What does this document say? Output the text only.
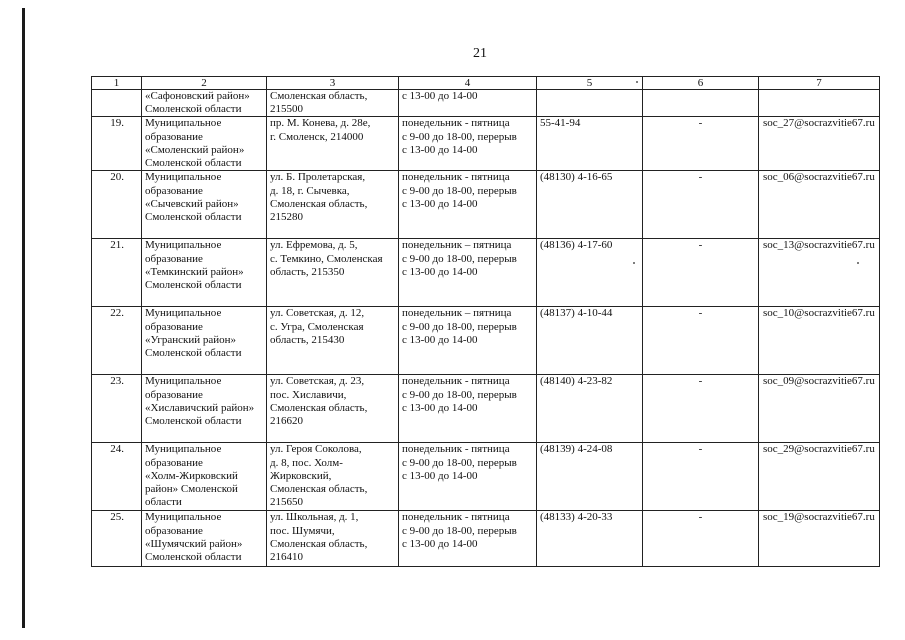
21
1	2	3	4	5	6	7

	«Сафоновский район»
Смоленской области	Смоленская область,
215500	с 13-00 до 14-00			

19.	Муниципальное
образование
«Смоленский район»
Смоленской области	пр. М. Конева, д. 28е,
г. Смоленск, 214000	понедельник - пятница
с 9-00 до 18-00, перерыв
с 13-00 до 14-00	55-41-94	-	soc_27@socrazvitie67.ru
20.	Муниципальное
образование
«Сычевский район»
Смоленской области	ул. Б. Пролетарская,
д. 18, г. Сычевка,
Смоленская область,
215280	понедельник - пятница
с 9-00 до 18-00, перерыв
с 13-00 до 14-00	(48130) 4-16-65	-	soc_06@socrazvitie67.ru
21.	Муниципальное
образование
«Темкинский район»
Смоленской области	ул. Ефремова, д. 5,
с. Темкино, Смоленская
область, 215350	понедельник – пятница
с 9-00 до 18-00, перерыв
с 13-00 до 14-00	(48136) 4-17-60	-	soc_13@socrazvitie67.ru
22.	Муниципальное
образование
«Угранский район»
Смоленской области	ул. Советская, д. 12,
с. Угра, Смоленская
область, 215430	понедельник – пятница
с 9-00 до 18-00, перерыв
с 13-00 до 14-00	(48137) 4-10-44	-	soc_10@socrazvitie67.ru
23.	Муниципальное
образование
«Хиславичский район»
Смоленской области	ул. Советская, д. 23,
пос. Хиславичи,
Смоленская область,
216620	понедельник - пятница
с 9-00 до 18-00, перерыв
с 13-00 до 14-00	(48140) 4-23-82	-	soc_09@socrazvitie67.ru
24.	Муниципальное
образование
«Холм-Жирковский
район» Смоленской
области	ул. Героя Соколова,
д. 8, пос. Холм-
Жирковский,
Смоленская область,
215650	понедельник - пятница
с 9-00 до 18-00, перерыв
с 13-00 до 14-00	(48139) 4-24-08	-	soc_29@socrazvitie67.ru
25.	Муниципальное
образование
«Шумячский район»
Смоленской области	ул. Школьная, д. 1,
пос. Шумячи,
Смоленская область,
216410	понедельник - пятница
с 9-00 до 18-00, перерыв
с 13-00 до 14-00	(48133) 4-20-33	-	soc_19@socrazvitie67.ru
